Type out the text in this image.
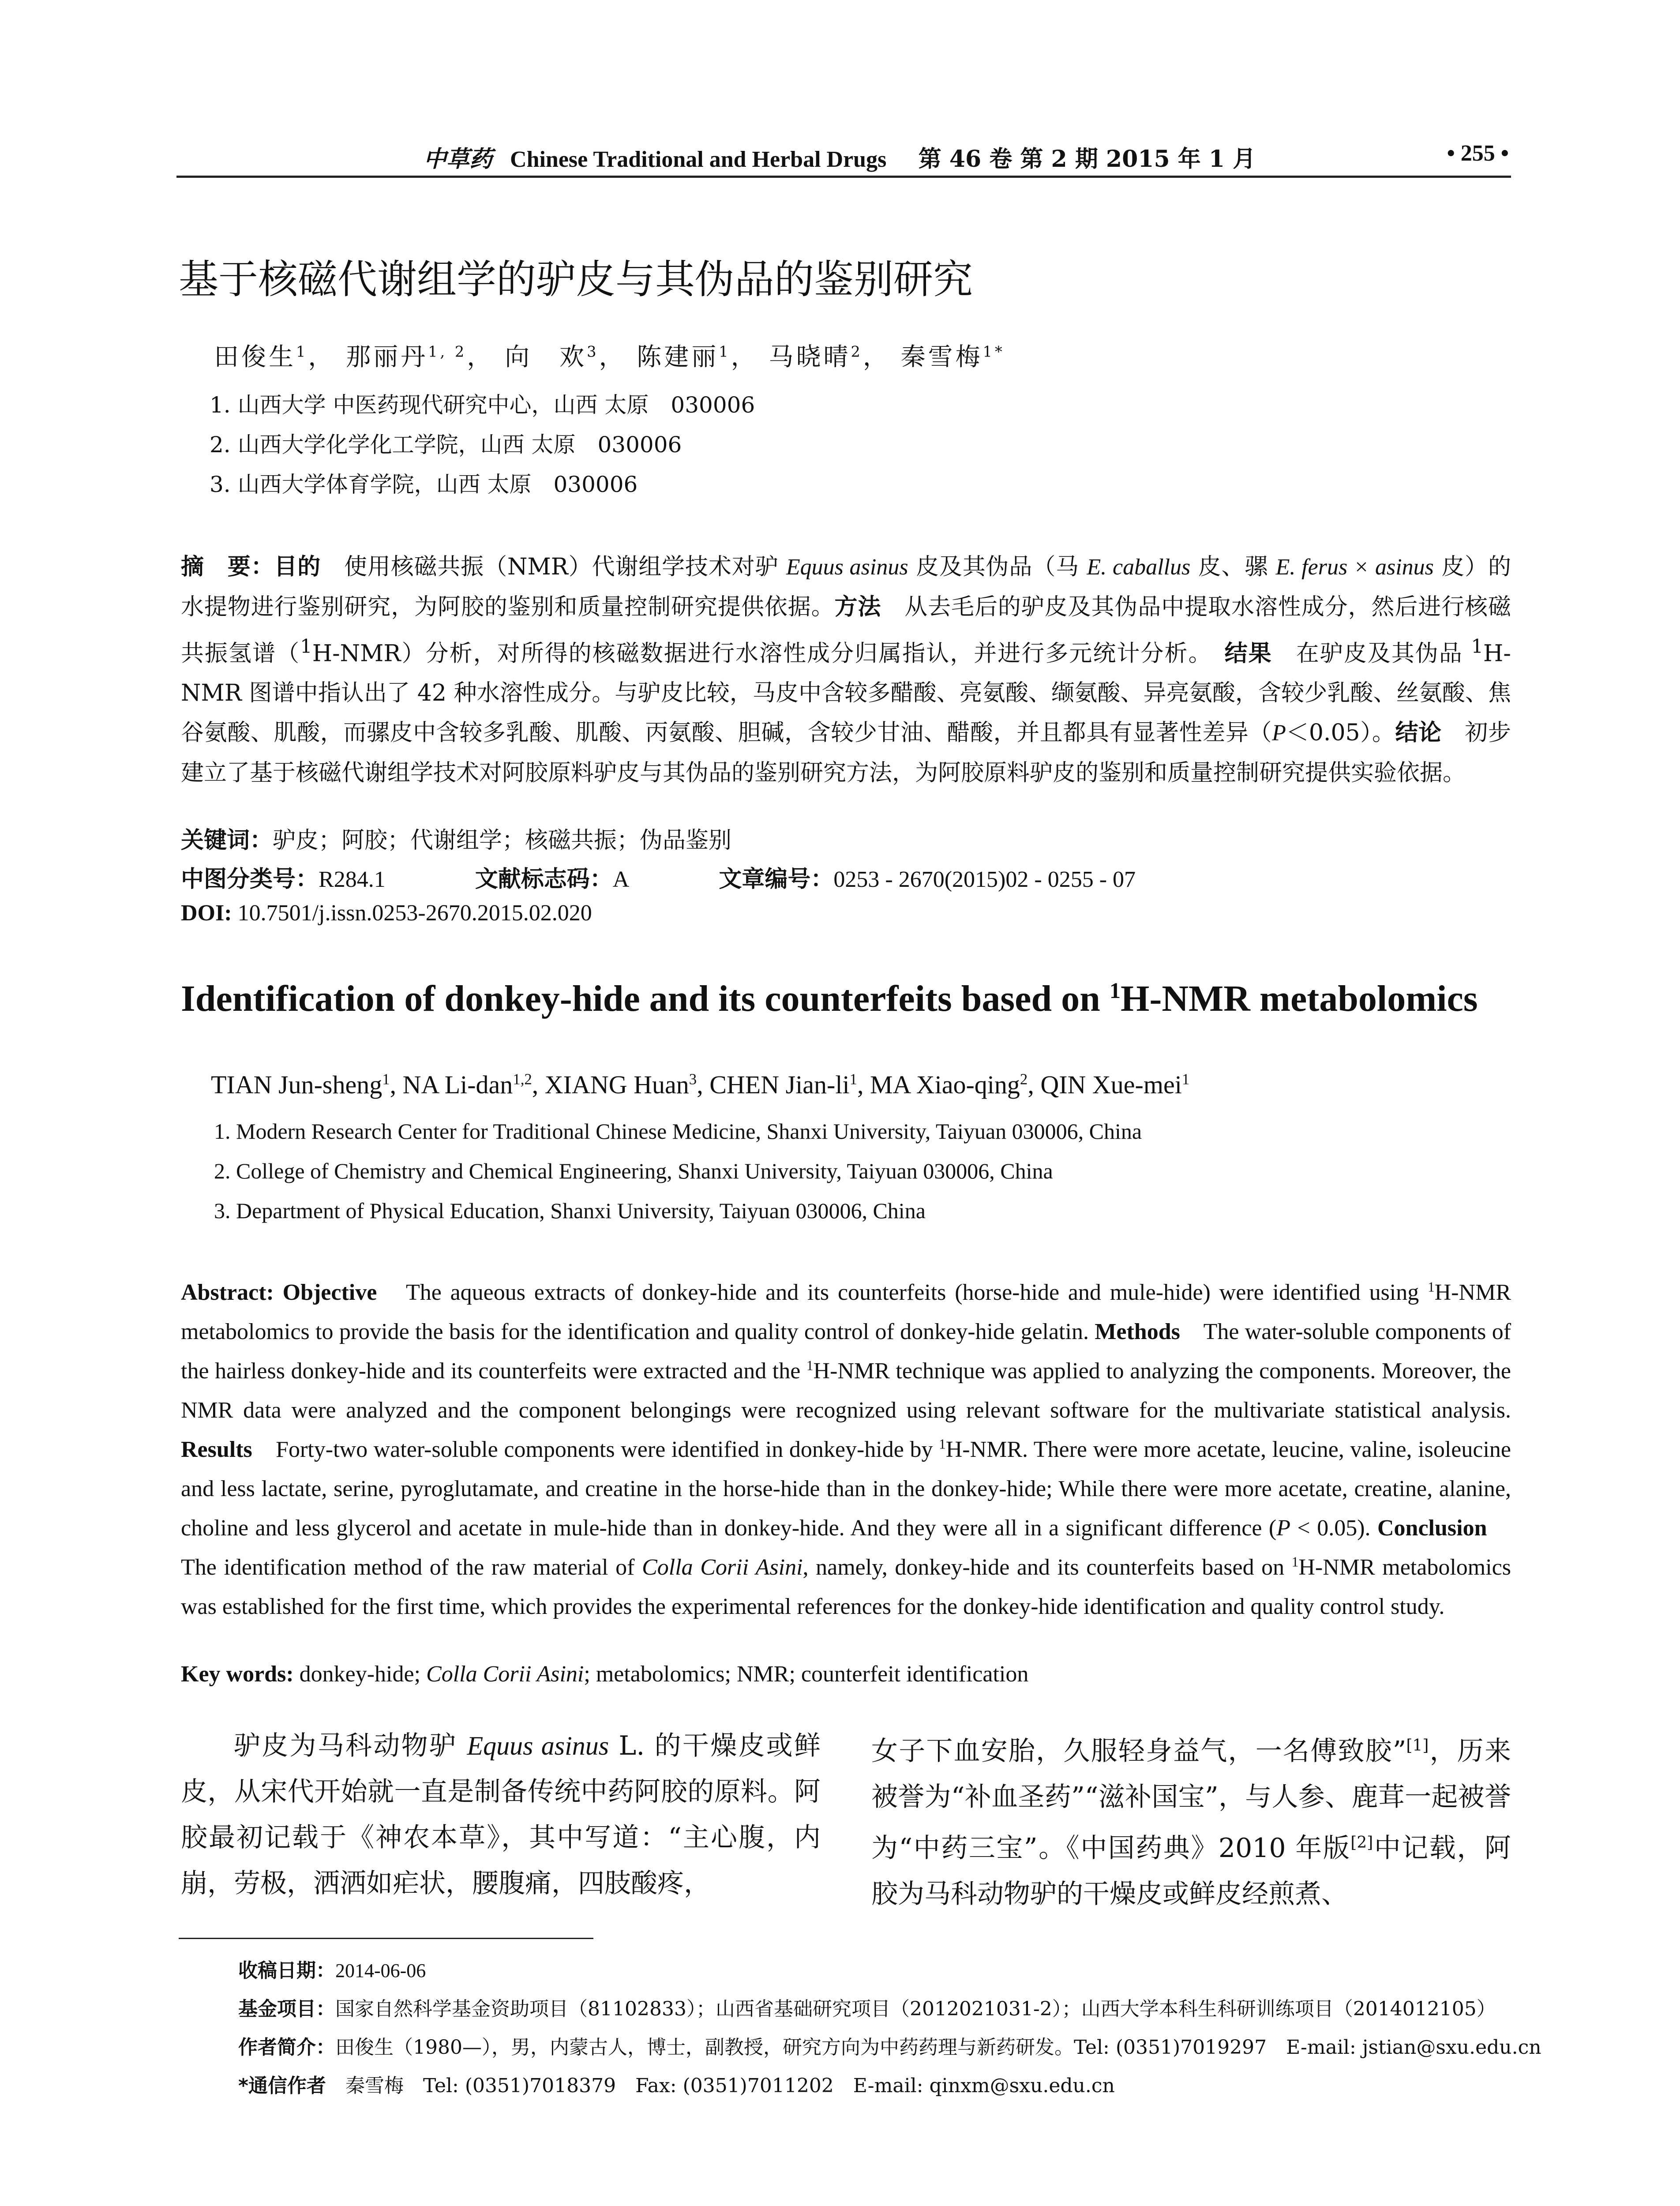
中草药 Chinese Traditional and Herbal Drugs 第 46 卷 第 2 期 2015 年 1 月	• 255 •
基于核磁代谢组学的驴皮与其伪品的鉴别研究
田俊生$^1$， 那丽丹$^{1, 2}$， 向　欢$^3$， 陈建丽$^1$， 马晓晴$^2$， 秦雪梅$^{1*}$
1. 山西大学 中医药现代研究中心，山西 太原　030006
2. 山西大学化学化工学院，山西 太原　030006
3. 山西大学体育学院，山西 太原　030006
摘　要：目的　使用核磁共振（NMR）代谢组学技术对驴 Equus asinus 皮及其伪品（马 E. caballus 皮、骡 E. ferus × asinus 皮）的水提物进行鉴别研究，为阿胶的鉴别和质量控制研究提供依据。方法　从去毛后的驴皮及其伪品中提取水溶性成分，然后进行核磁共振氢谱（$^1$H-NMR）分析，对所得的核磁数据进行水溶性成分归属指认，并进行多元统计分析。　 结果　在驴皮及其伪品 $^1$H-NMR 图谱中指认出了 42 种水溶性成分。与驴皮比较，马皮中含较多醋酸、亮氨酸、缬氨酸、异亮氨酸，含较少乳酸、丝氨酸、焦谷氨酸、肌酸，而骡皮中含较多乳酸、肌酸、丙氨酸、胆碱，含较少甘油、醋酸，并且都具有显著性差异（P＜0.05）。结论　初步建立了基于核磁代谢组学技术对阿胶原料驴皮与其伪品的鉴别研究方法，为阿胶原料驴皮的鉴别和质量控制研究提供实验依据。
关键词：驴皮；阿胶；代谢组学；核磁共振；伪品鉴别
中图分类号：R284.1	文献标志码：A	文章编号：0253 - 2670(2015)02 - 0255 - 07
DOI: 10.7501/j.issn.0253-2670.2015.02.020
Identification of donkey-hide and its counterfeits based on $^1$H-NMR metabolomics
TIAN Jun-sheng$^1$, NA Li-dan$^{1,2}$, XIANG Huan$^3$, CHEN Jian-$li^1$, MA Xiao-qing$^2$, QIN Xue-mei$^1$
1. Modern Research Center for Traditional Chinese Medicine, Shanxi University, Taiyuan 030006, China
2. College of Chemistry and Chemical Engineering, Shanxi University, Taiyuan 030006, China
3. Department of Physical Education, Shanxi University, Taiyuan 030006, China
Abstract: Objective　The aqueous extracts of donkey-hide and its counterfeits (horse-hide and mule-hide) were identified using $^1$H-NMR metabolomics to provide the basis for the identification and quality control of donkey-hide gelatin. Methods　The water-soluble components of the hairless donkey-hide and its counterfeits were extracted and the $^1$H-NMR technique was applied to analyzing the components. Moreover, the NMR data were analyzed and the component belongings were recognized using relevant software for the multivariate statistical analysis. Results　Forty-two water-soluble components were identified in donkey-hide by $^1$H-NMR. There were more acetate, leucine, valine, isoleucine and less lactate, serine, pyroglutamate, and creatine in the horse-hide than in the donkey-hide; While there were more acetate, creatine, alanine, choline and less glycerol and acetate in mule-hide than in donkey-hide. And they were all in a significant difference (P < 0.05). Conclusion　The identification method of the raw material of Colla Corii Asini, namely, donkey-hide and its counterfeits based on $^1$H-NMR metabolomics was established for the first time, which provides the experimental references for the donkey-hide identification and quality control study.
Key words: donkey-hide; Colla Corii Asini; metabolomics; NMR; counterfeit identification
驴皮为马科动物驴 Equus asinus L. 的干燥皮或鲜皮，从宋代开始就一直是制备传统中药阿胶的原料。阿胶最初记载于《神农本草》，其中写道：“主心腹，内崩，劳极，洒洒如疟状，腰腹痛，四肢酸疼，
女子下血安胎，久服轻身益气，一名傅致胶”[1]，历来被誉为“补血圣药”“滋补国宝”，与人参、鹿茸一起被誉为“中药三宝”。《中国药典》2010 年版[2]中记载，阿胶为马科动物驴的干燥皮或鲜皮经煎煮、
收稿日期：2014-06-06
基金项目：国家自然科学基金资助项目（81102833）；山西省基础研究项目（2012021031-2）；山西大学本科生科研训练项目（2014012105）
作者简介：田俊生（1980—），男，内蒙古人，博士，副教授，研究方向为中药药理与新药研发。Tel: (0351)7019297　E-mail: jstian@sxu.edu.cn
*通信作者　秦雪梅　Tel: (0351)7018379　Fax: (0351)7011202　E-mail: qinxm@sxu.edu.cn
